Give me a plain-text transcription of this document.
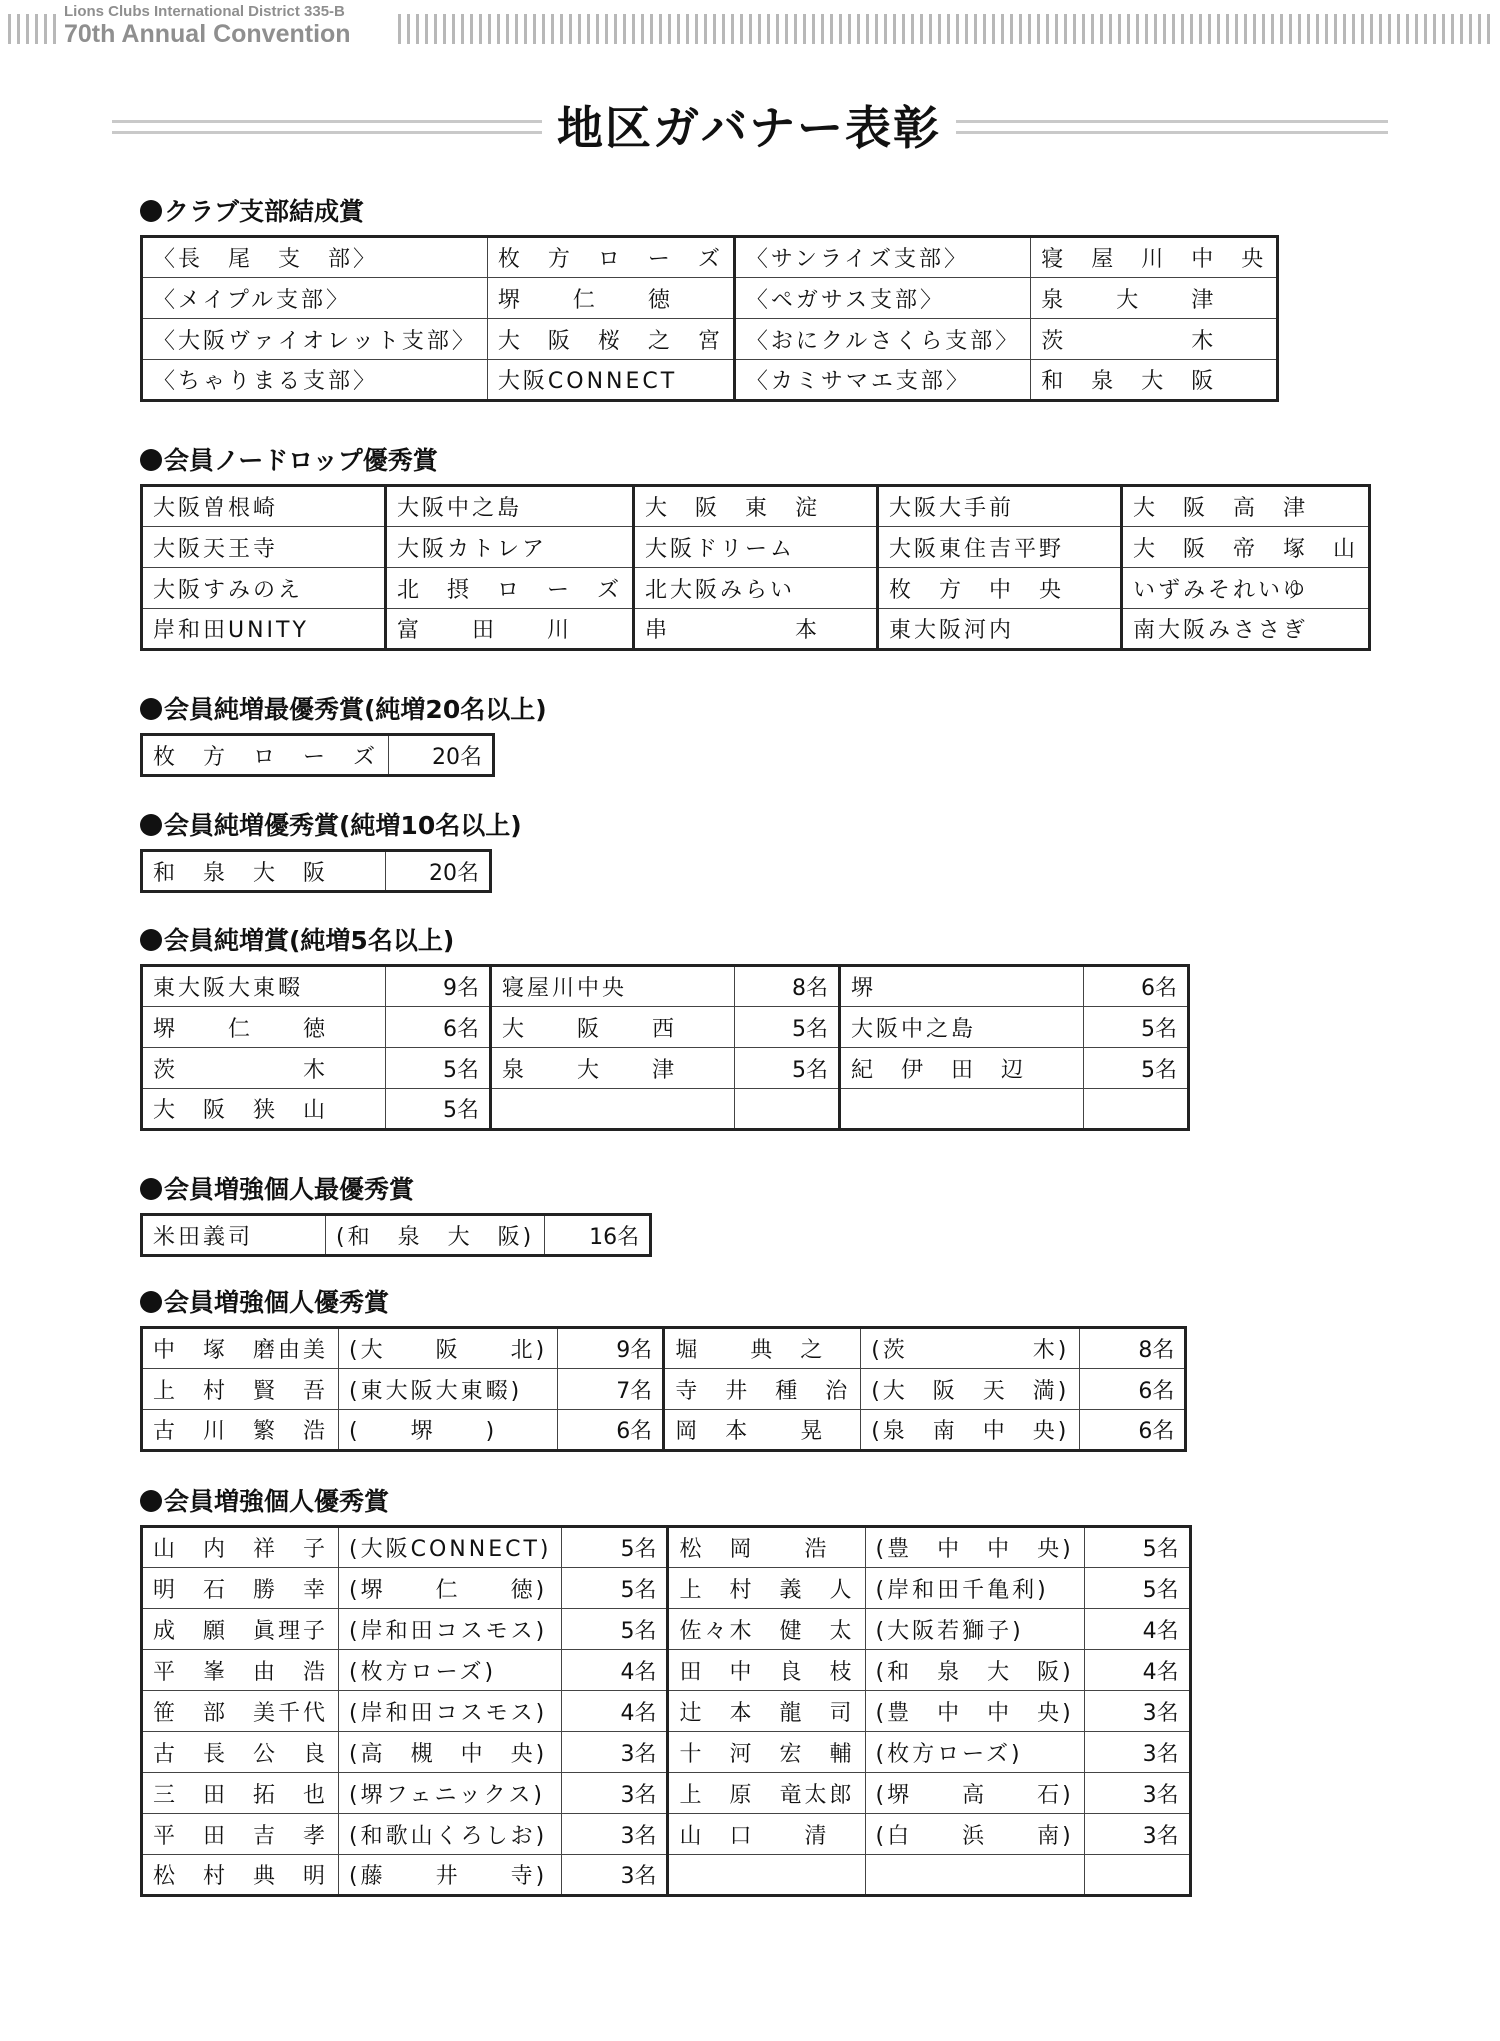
Lions Clubs International District 335-B
70th Annual Convention
地区ガバナー表彰
クラブ支部結成賞
〈長　尾　支　部〉	枚　方　ロ　ー　ズ	〈サンライズ支部〉	寝　屋　川　中　央
〈メイプル支部〉	堺　　仁　　徳	〈ペガサス支部〉	泉　　大　　津
〈大阪ヴァイオレット支部〉	大　阪　桜　之　宮	〈おにクルさくら支部〉	茨　　　　　木
〈ちゃりまる支部〉	大阪CONNECT	〈カミサマエ支部〉	和　泉　大　阪
会員ノードロップ優秀賞
大阪曽根崎	大阪中之島	大　阪　東　淀	大阪大手前	大　阪　高　津
大阪天王寺	大阪カトレア	大阪ドリーム	大阪東住吉平野	大　阪　帝　塚　山
大阪すみのえ	北　摂　ロ　ー　ズ	北大阪みらい	枚　方　中　央	いずみそれいゆ
岸和田UNITY	富　　田　　川	串　　　　　本	東大阪河内	南大阪みささぎ
会員純増最優秀賞(純増20名以上)
枚　方　ロ　ー　ズ	20名
会員純増優秀賞(純増10名以上)
和　泉　大　阪	20名
会員純増賞(純増5名以上)
東大阪大東畷	9名	寝屋川中央	8名	堺	6名
堺　　仁　　徳	6名	大　　阪　　西	5名	大阪中之島	5名
茨　　　　　木	5名	泉　　大　　津	5名	紀　伊　田　辺	5名
大　阪　狭　山	5名				
会員増強個人最優秀賞
米田義司	(和　泉　大　阪)	16名
会員増強個人優秀賞
中　塚　磨由美	(大　　阪　　北)	9名	堀　　典　之	(茨　　　　　木)	8名
上　村　賢　吾	(東大阪大東畷)	7名	寺　井　種　治	(大　阪　天　満)	6名
古　川　繁　浩	(　　堺　　)	6名	岡　本　　晃	(泉　南　中　央)	6名
会員増強個人優秀賞
山　内　祥　子	(大阪CONNECT)	5名	松　岡　　浩	(豊　中　中　央)	5名
明　石　勝　幸	(堺　　仁　　徳)	5名	上　村　義　人	(岸和田千亀利)	5名
成　願　眞理子	(岸和田コスモス)	5名	佐々木　健　太	(大阪若獅子)	4名
平　峯　由　浩	(枚方ローズ)	4名	田　中　良　枝	(和　泉　大　阪)	4名
笹　部　美千代	(岸和田コスモス)	4名	辻　本　龍　司	(豊　中　中　央)	3名
古　長　公　良	(高　槻　中　央)	3名	十　河　宏　輔	(枚方ローズ)	3名
三　田　拓　也	(堺フェニックス)	3名	上　原　竜太郎	(堺　　高　　石)	3名
平　田　吉　孝	(和歌山くろしお)	3名	山　口　　清	(白　　浜　　南)	3名
松　村　典　明	(藤　　井　　寺)	3名			
